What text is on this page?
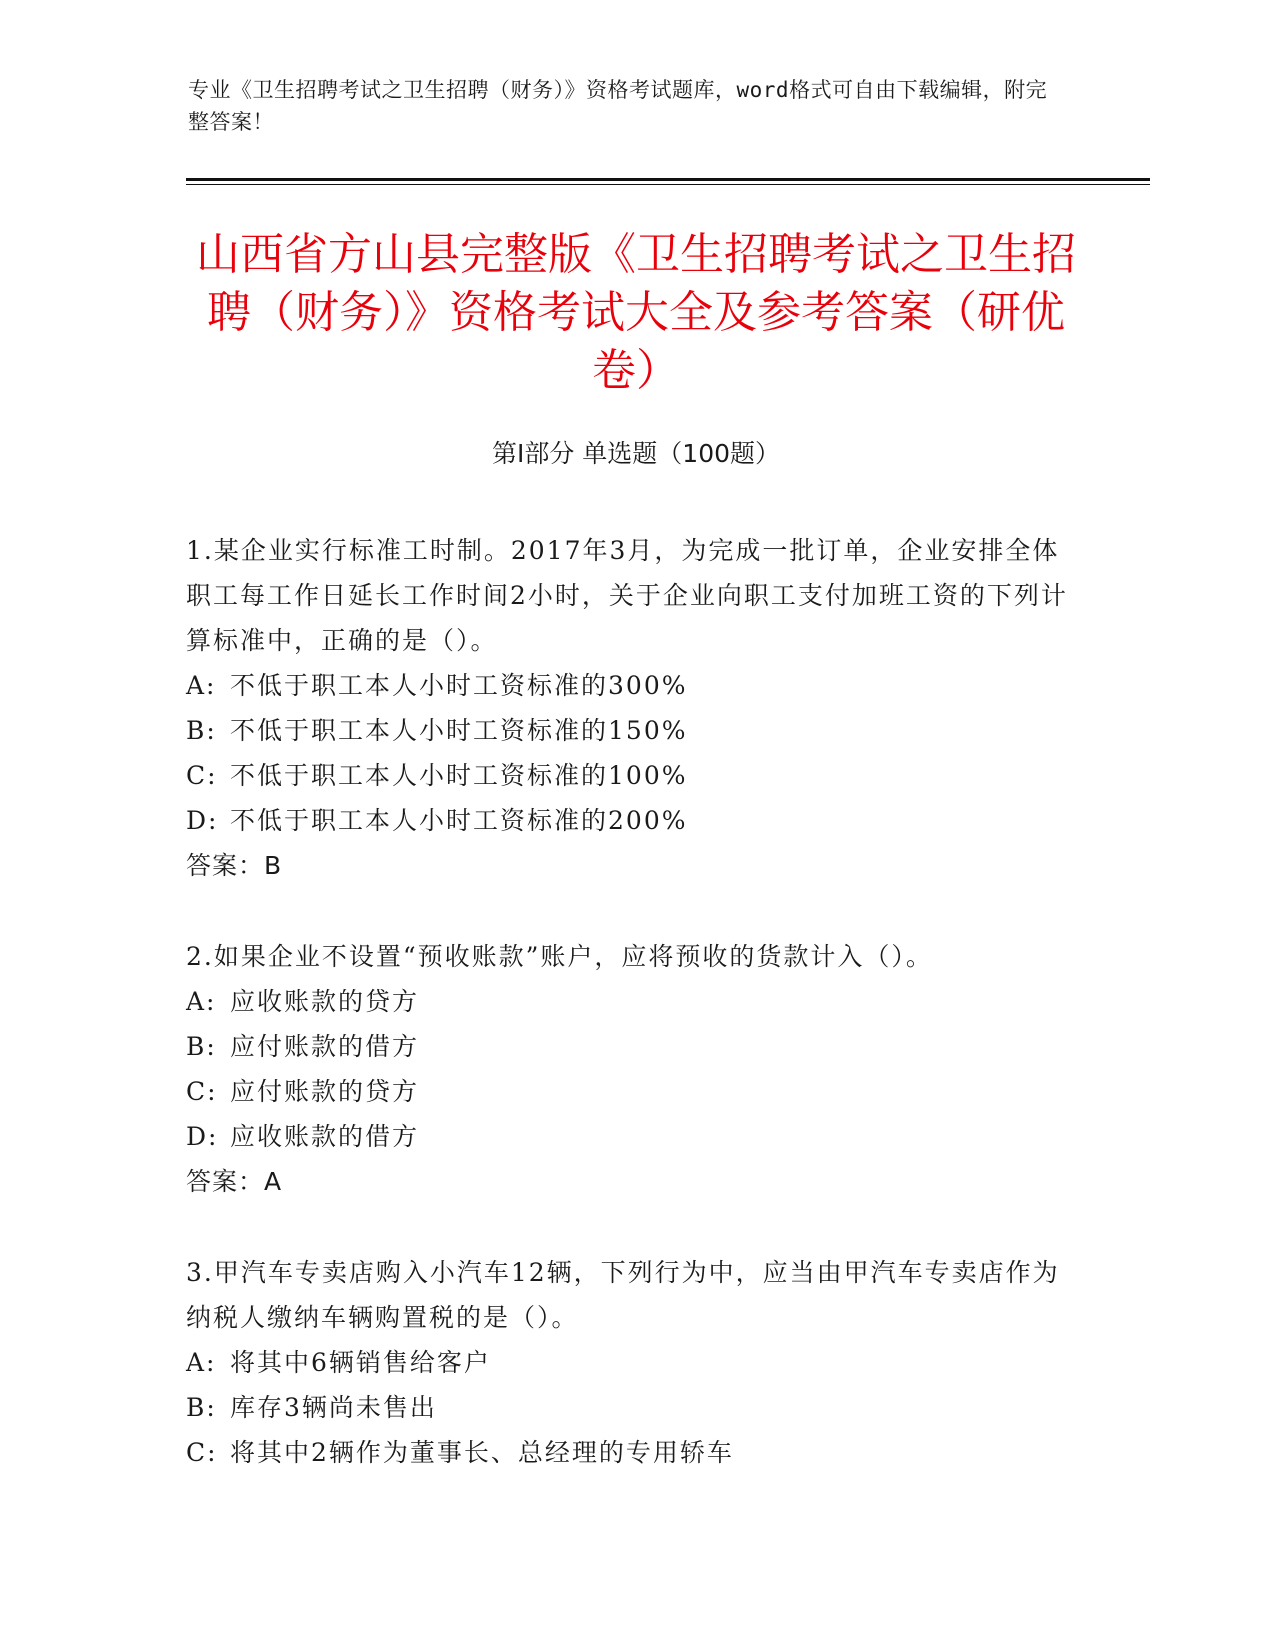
专业《卫生招聘考试之卫生招聘（财务）》资格考试题库，word格式可自由下载编辑，附完整答案！
山西省方山县完整版《卫生招聘考试之卫生招聘（财务）》资格考试大全及参考答案（研优卷）
第Ⅰ部分 单选题（100题）

1.某企业实行标准工时制。2017年3月，为完成一批订单，企业安排全体职工每工作日延长工作时间2小时，关于企业向职工支付加班工资的下列计算标准中，正确的是（）。

A: 不低于职工本人小时工资标准的300%

B: 不低于职工本人小时工资标准的150%

C: 不低于职工本人小时工资标准的100%

D: 不低于职工本人小时工资标准的200%

答案：B

2.如果企业不设置“预收账款”账户，应将预收的货款计入（）。

A: 应收账款的贷方

B: 应付账款的借方

C: 应付账款的贷方

D: 应收账款的借方

答案：A

3.甲汽车专卖店购入小汽车12辆，下列行为中，应当由甲汽车专卖店作为纳税人缴纳车辆购置税的是（）。

A: 将其中6辆销售给客户

B: 库存3辆尚未售出

C: 将其中2辆作为董事长、总经理的专用轿车
